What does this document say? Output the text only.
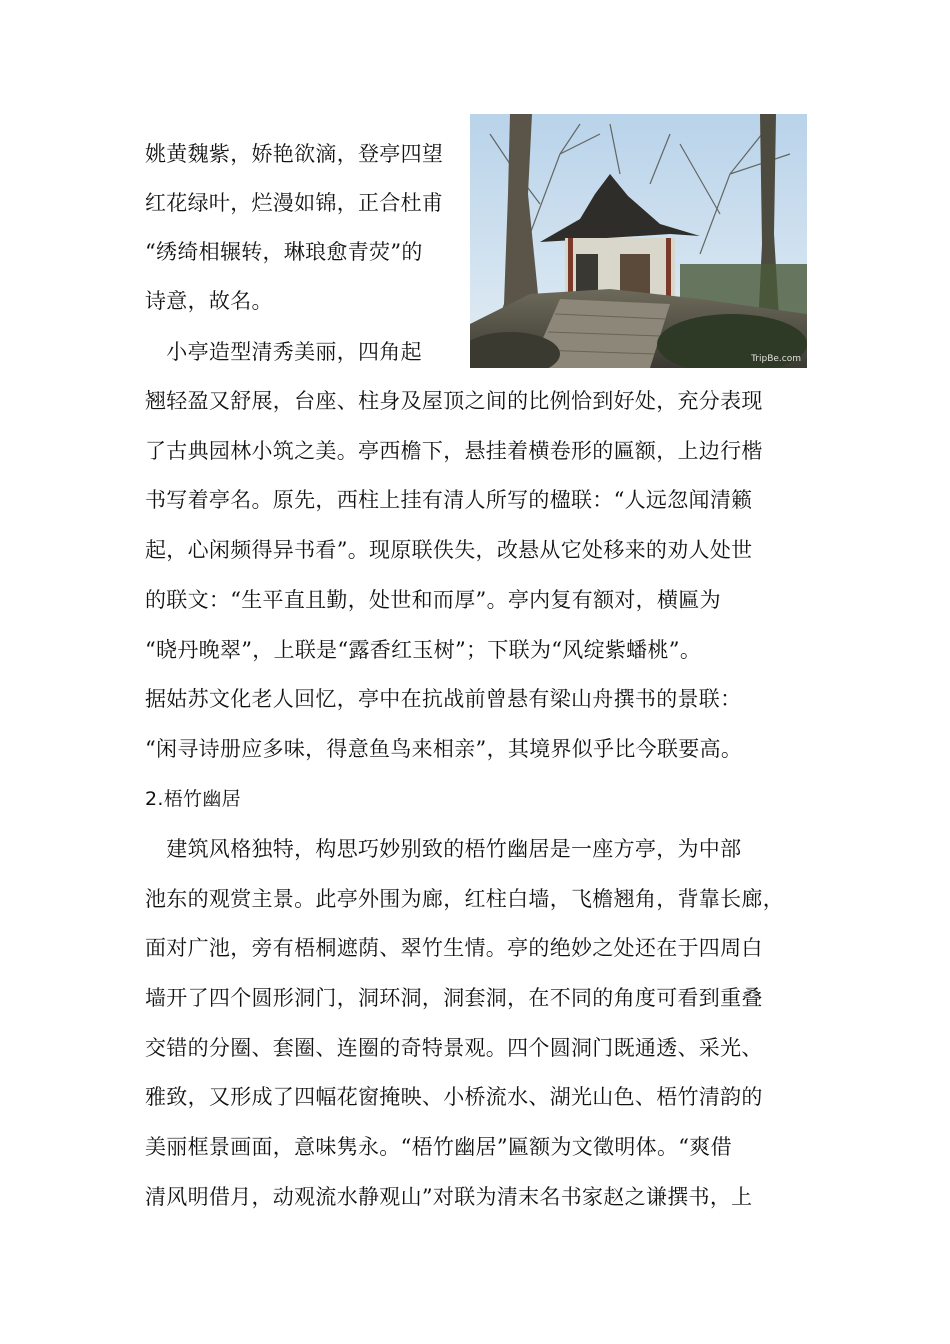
姚黄魏紫，娇艳欲滴，登亭四望
红花绿叶，烂漫如锦，正合杜甫
“绣绮相辗转，琳琅愈青荧”的
诗意，故名。
　小亭造型清秀美丽，四角起
翘轻盈又舒展，台座、柱身及屋顶之间的比例恰到好处，充分表现
了古典园林小筑之美。亭西檐下，悬挂着横卷形的匾额，上边行楷
书写着亭名。原先，西柱上挂有清人所写的楹联：“人远忽闻清籁
起，心闲频得异书看”。现原联佚失，改悬从它处移来的劝人处世
的联文：“生平直且勤，处世和而厚”。亭内复有额对，横匾为
“晓丹晚翠”，上联是“露香红玉树”；下联为“风绽紫蟠桃”。
据姑苏文化老人回忆，亭中在抗战前曾悬有梁山舟撰书的景联：
“闲寻诗册应多味，得意鱼鸟来相亲”，其境界似乎比今联要高。
2.梧竹幽居
　建筑风格独特，构思巧妙别致的梧竹幽居是一座方亭，为中部
池东的观赏主景。此亭外围为廊，红柱白墙，飞檐翘角，背靠长廊，
面对广池，旁有梧桐遮荫、翠竹生情。亭的绝妙之处还在于四周白
墙开了四个圆形洞门，洞环洞，洞套洞，在不同的角度可看到重叠
交错的分圈、套圈、连圈的奇特景观。四个圆洞门既通透、采光、
雅致，又形成了四幅花窗掩映、小桥流水、湖光山色、梧竹清韵的
美丽框景画面，意味隽永。“梧竹幽居”匾额为文徵明体。“爽借
清风明借月，动观流水静观山”对联为清末名书家赵之谦撰书，上
TripBe.com
